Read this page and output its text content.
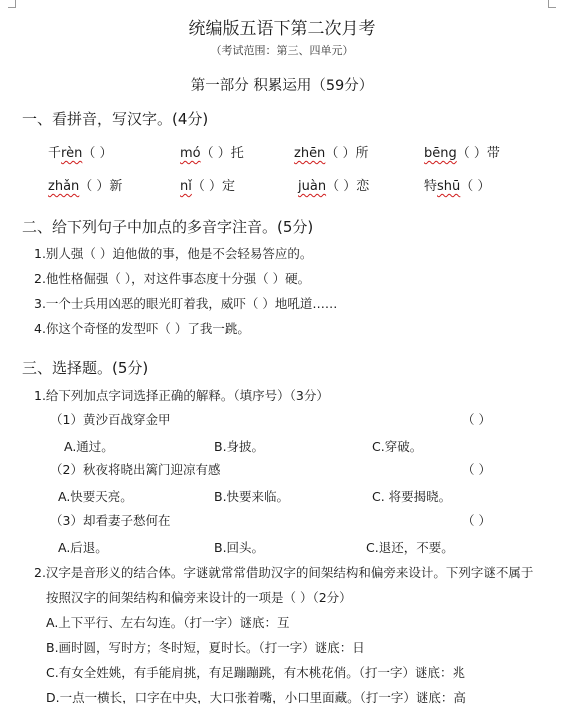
统编版五语下第二次月考
（考试范围：第三、四单元）
第一部分 积累运用（59分）
一、看拼音，写汉字。(4分)
千rèn（ ）	mó（ ）托	zhēn（ ）所	bēng（ ）带
zhǎn（ ）新	nǐ（ ）定	juàn（ ）恋	特shū（ ）
二、给下列句子中加点的多音字注音。(5分)
1.别人强（ ）迫他做的事，他是不会轻易答应的。
2.他性格倔强（ ），对这件事态度十分强（ ）硬。
3.一个士兵用凶恶的眼光盯着我，威吓（ ）地吼道……
4.你这个奇怪的发型吓（ ）了我一跳。
三、选择题。(5分)
1.给下列加点字词选择正确的解释。（填序号）（3分）
（1）黄沙百战穿金甲	（ ）
A.通过。	B.身披。	C.穿破。
（2）秋夜将晓出篱门迎凉有感	（ ）
A.快要天亮。	B.快要来临。	C. 将要揭晓。
（3）却看妻子愁何在	（ ）
A.后退。	B.回头。	C.退还，不要。
2.汉字是音形义的结合体。字谜就常常借助汉字的间架结构和偏旁来设计。下列字谜不属于
按照汉字的间架结构和偏旁来设计的一项是（ ）（2分）
A.上下平行、左右勾连。（打一字）谜底：互
B.画时圆，写时方；冬时短，夏时长。（打一字）谜底：日
C.有女全姓姚，有手能肩挑，有足蹦蹦跳，有木桃花俏。（打一字）谜底：兆
D.一点一横长，口字在中央，大口张着嘴，小口里面藏。（打一字）谜底：高
